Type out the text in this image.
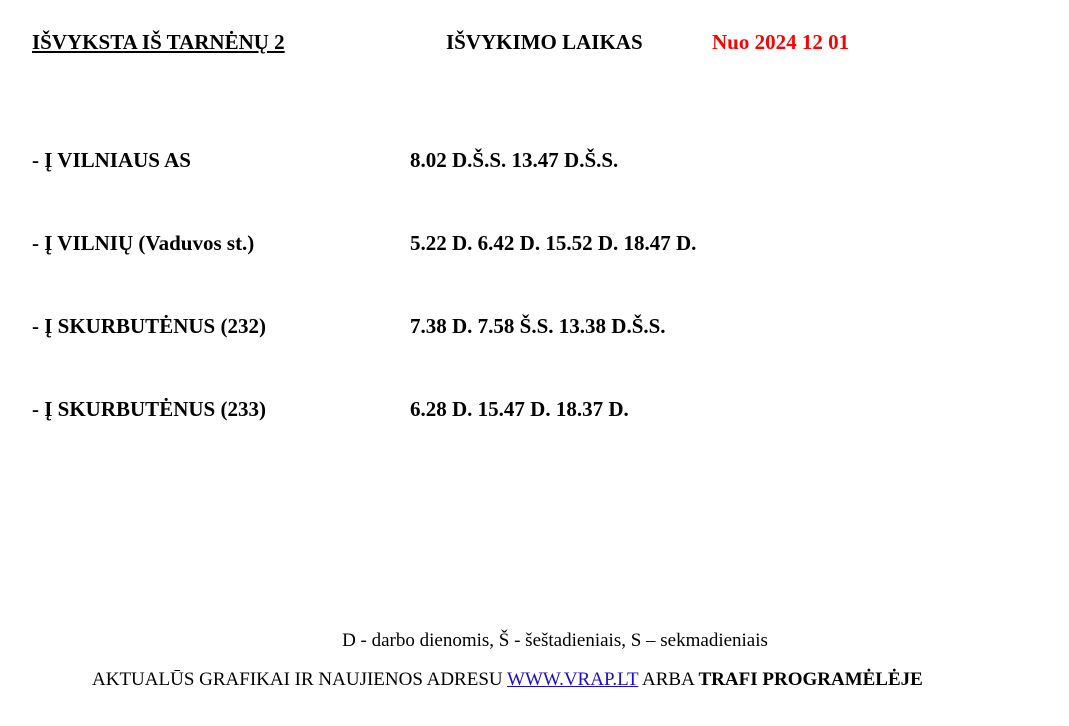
IŠVYKSTA IŠ TARNĖNŲ 2	IŠVYKIMO LAIKAS	Nuo 2024 12 01
- Į VILNIAUS AS	8.02 D.Š.S. 13.47 D.Š.S.
- Į VILNIŲ (Vaduvos st.)	5.22 D. 6.42 D. 15.52 D. 18.47 D.
- Į SKURBUTĖNUS (232)	7.38 D. 7.58 Š.S. 13.38 D.Š.S.
- Į SKURBUTĖNUS (233)	6.28 D. 15.47 D. 18.37 D.
D - darbo dienomis, Š - šeštadieniais, S – sekmadieniais
AKTUALŪS GRAFIKAI IR NAUJIENOS ADRESU WWW.VRAP.LT ARBA TRAFI PROGRAMĖLĖJE
